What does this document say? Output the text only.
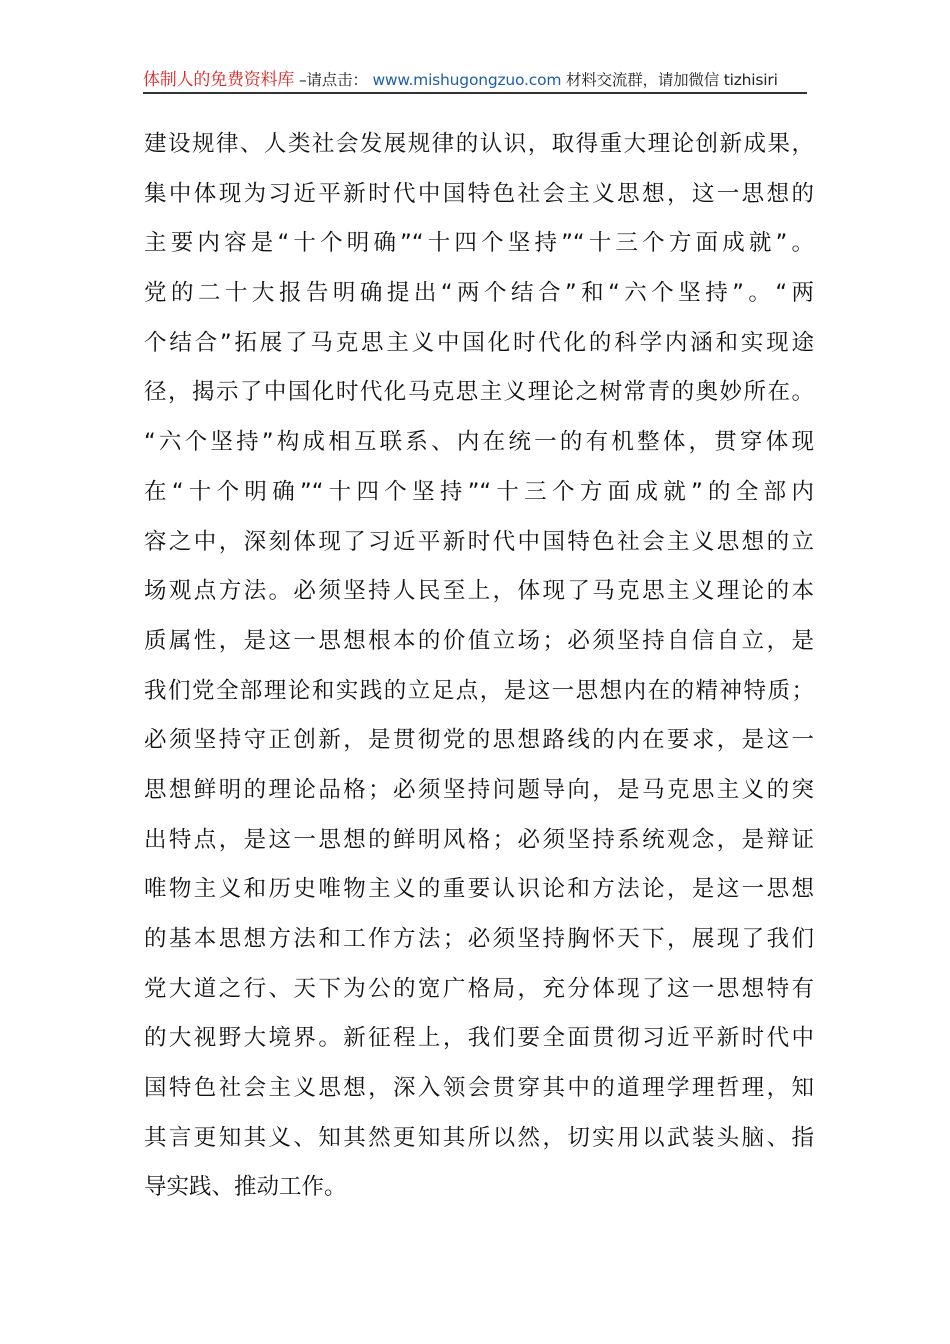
体制人的免费资料库 –请点击： www.mishugongzuo.com 材料交流群，请加微信 tizhisiri
建设规律、人类社会发展规律的认识，取得重大理论创新成果，
集中体现为习近平新时代中国特色社会主义思想，这一思想的
主要内容是“十个明确”“十四个坚持”“十三个方面成就”。
党的二十大报告明确提出“两个结合”和“六个坚持”。“两
个结合”拓展了马克思主义中国化时代化的科学内涵和实现途
径，揭示了中国化时代化马克思主义理论之树常青的奥妙所在。
“六个坚持”构成相互联系、内在统一的有机整体，贯穿体现
在“十个明确”“十四个坚持”“十三个方面成就”的全部内
容之中，深刻体现了习近平新时代中国特色社会主义思想的立
场观点方法。必须坚持人民至上，体现了马克思主义理论的本
质属性，是这一思想根本的价值立场；必须坚持自信自立，是
我们党全部理论和实践的立足点，是这一思想内在的精神特质；
必须坚持守正创新，是贯彻党的思想路线的内在要求，是这一
思想鲜明的理论品格；必须坚持问题导向，是马克思主义的突
出特点，是这一思想的鲜明风格；必须坚持系统观念，是辩证
唯物主义和历史唯物主义的重要认识论和方法论，是这一思想
的基本思想方法和工作方法；必须坚持胸怀天下，展现了我们
党大道之行、天下为公的宽广格局，充分体现了这一思想特有
的大视野大境界。新征程上，我们要全面贯彻习近平新时代中
国特色社会主义思想，深入领会贯穿其中的道理学理哲理，知
其言更知其义、知其然更知其所以然，切实用以武装头脑、指
导实践、推动工作。
